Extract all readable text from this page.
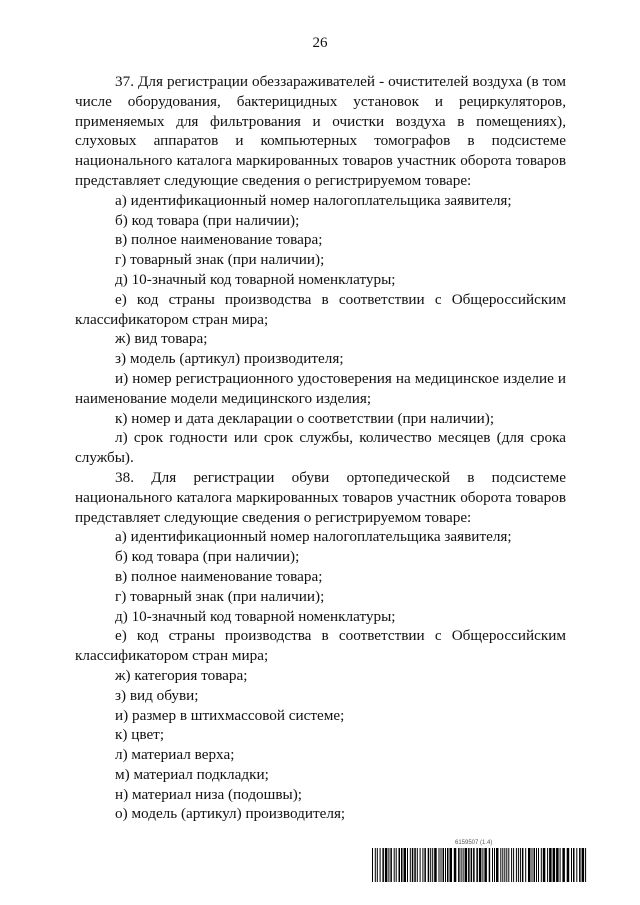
26

37. Для регистрации обеззараживателей - очистителей воздуха (в том числе оборудования, бактерицидных установок и рециркуляторов, применяемых для фильтрования и очистки воздуха в помещениях), слуховых аппаратов и компьютерных томографов в подсистеме национального каталога маркированных товаров участник оборота товаров представляет следующие сведения о регистрируемом товаре:

а) идентификационный номер налогоплательщика заявителя;

б) код товара (при наличии);

в) полное наименование товара;

г) товарный знак (при наличии);

д) 10-значный код товарной номенклатуры;

е) код страны производства в соответствии с Общероссийским классификатором стран мира;

ж) вид товара;

з) модель (артикул) производителя;

и) номер регистрационного удостоверения на медицинское изделие и наименование модели медицинского изделия;

к) номер и дата декларации о соответствии (при наличии);

л) срок годности или срок службы, количество месяцев (для срока службы).

38. Для регистрации обуви ортопедической в подсистеме национального каталога маркированных товаров участник оборота товаров представляет следующие сведения о регистрируемом товаре:

а) идентификационный номер налогоплательщика заявителя;

б) код товара (при наличии);

в) полное наименование товара;

г) товарный знак (при наличии);

д) 10-значный код товарной номенклатуры;

е) код страны производства в соответствии с Общероссийским классификатором стран мира;

ж) категория товара;

з) вид обуви;

и) размер в штихмассовой системе;

к) цвет;

л) материал верха;

м) материал подкладки;

н) материал низа (подошвы);

о) модель (артикул) производителя;

6159507 (1.4)
